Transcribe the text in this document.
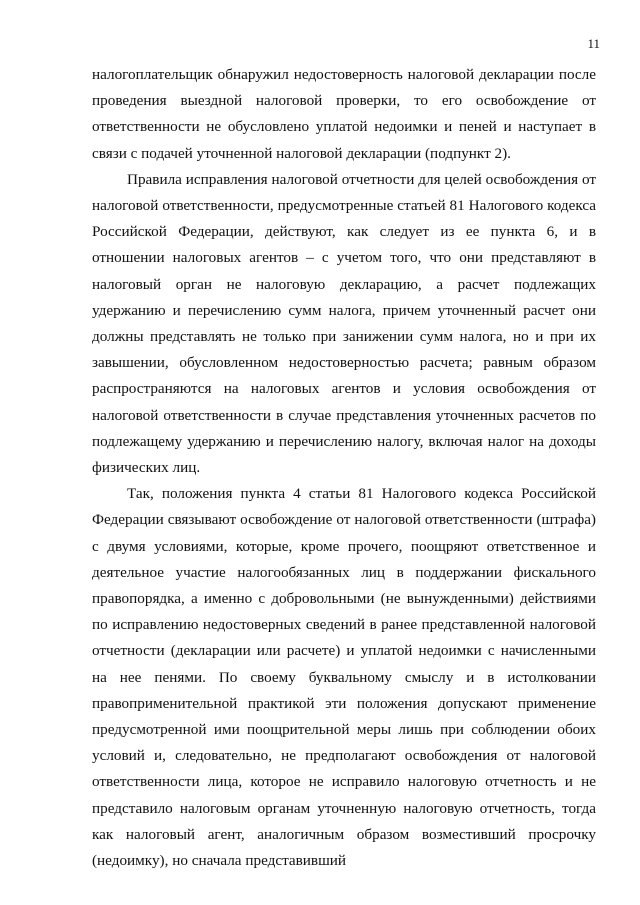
11

налогоплательщик обнаружил недостоверность налоговой декларации после проведения выездной налоговой проверки, то его освобождение от ответственности не обусловлено уплатой недоимки и пеней и наступает в связи с подачей уточненной налоговой декларации (подпункт 2).

Правила исправления налоговой отчетности для целей освобождения от налоговой ответственности, предусмотренные статьей 81 Налогового кодекса Российской Федерации, действуют, как следует из ее пункта 6, и в отношении налоговых агентов – с учетом того, что они представляют в налоговый орган не налоговую декларацию, а расчет подлежащих удержанию и перечислению сумм налога, причем уточненный расчет они должны представлять не только при занижении сумм налога, но и при их завышении, обусловленном недостоверностью расчета; равным образом распространяются на налоговых агентов и условия освобождения от налоговой ответственности в случае представления уточненных расчетов по подлежащему удержанию и перечислению налогу, включая налог на доходы физических лиц.

Так, положения пункта 4 статьи 81 Налогового кодекса Российской Федерации связывают освобождение от налоговой ответственности (штрафа) с двумя условиями, которые, кроме прочего, поощряют ответственное и деятельное участие налогообязанных лиц в поддержании фискального правопорядка, а именно с добровольными (не вынужденными) действиями по исправлению недостоверных сведений в ранее представленной налоговой отчетности (декларации или расчете) и уплатой недоимки с начисленными на нее пенями. По своему буквальному смыслу и в истолковании правоприменительной практикой эти положения допускают применение предусмотренной ими поощрительной меры лишь при соблюдении обоих условий и, следовательно, не предполагают освобождения от налоговой ответственности лица, которое не исправило налоговую отчетность и не представило налоговым органам уточненную налоговую отчетность, тогда как налоговый агент, аналогичным образом возместивший просрочку (недоимку), но сначала представивший
